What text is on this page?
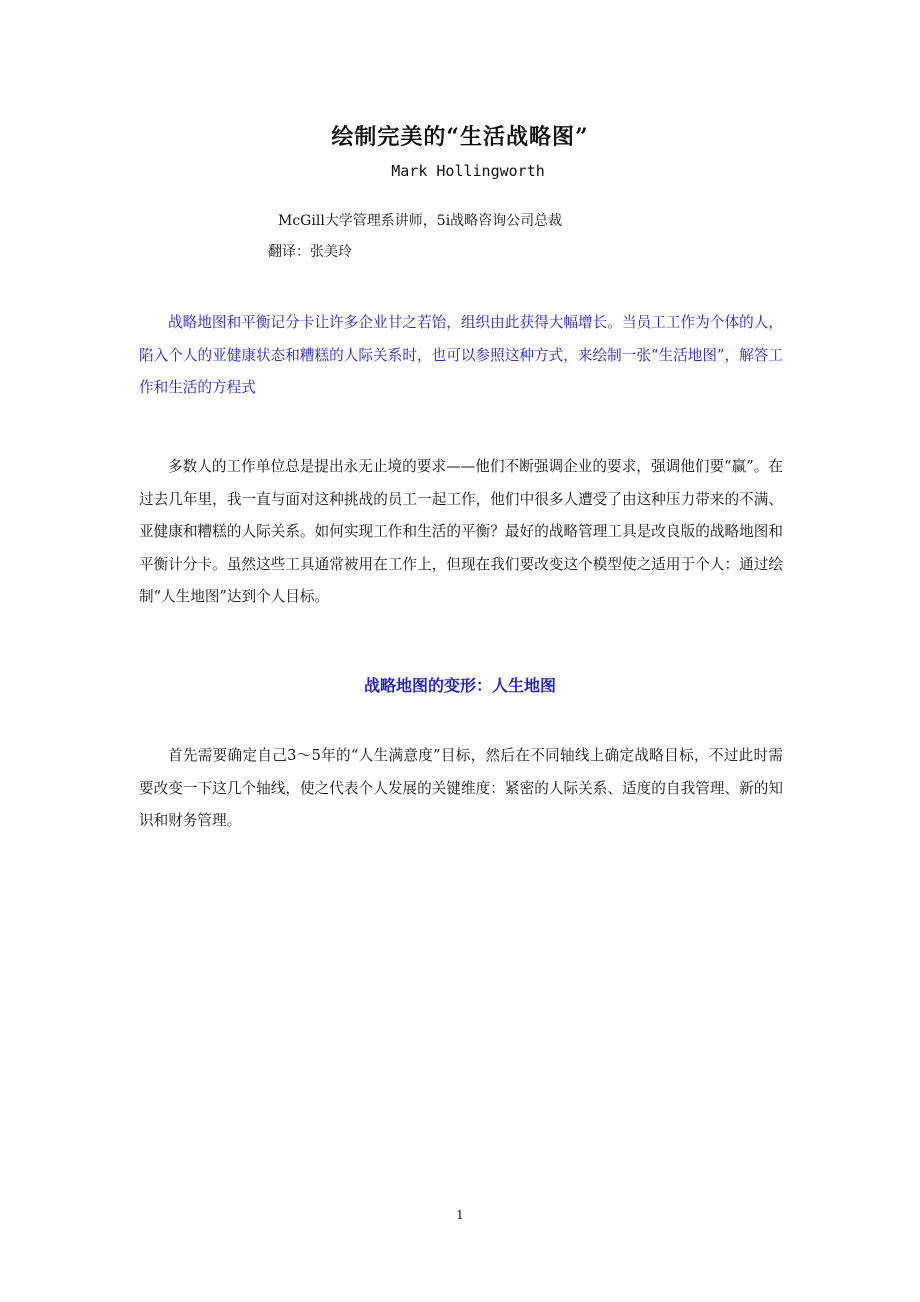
绘制完美的“生活战略图”

Mark Hollingworth

McGill大学管理系讲师，5i战略咨询公司总裁

翻译：张美玲

战略地图和平衡记分卡让许多企业甘之若饴，组织由此获得大幅增长。当员工工作为个体的人，陷入个人的亚健康状态和糟糕的人际关系时，也可以参照这种方式，来绘制一张“生活地图”，解答工作和生活的方程式

多数人的工作单位总是提出永无止境的要求——他们不断强调企业的要求，强调他们要“赢”。在过去几年里，我一直与面对这种挑战的员工一起工作，他们中很多人遭受了由这种压力带来的不满、亚健康和糟糕的人际关系。如何实现工作和生活的平衡？最好的战略管理工具是改良版的战略地图和平衡计分卡。虽然这些工具通常被用在工作上，但现在我们要改变这个模型使之适用于个人：通过绘制“人生地图”达到个人目标。

战略地图的变形：人生地图

首先需要确定自己3～5年的“人生满意度”目标，然后在不同轴线上确定战略目标，不过此时需要改变一下这几个轴线，使之代表个人发展的关键维度：紧密的人际关系、适度的自我管理、新的知识和财务管理。

1
